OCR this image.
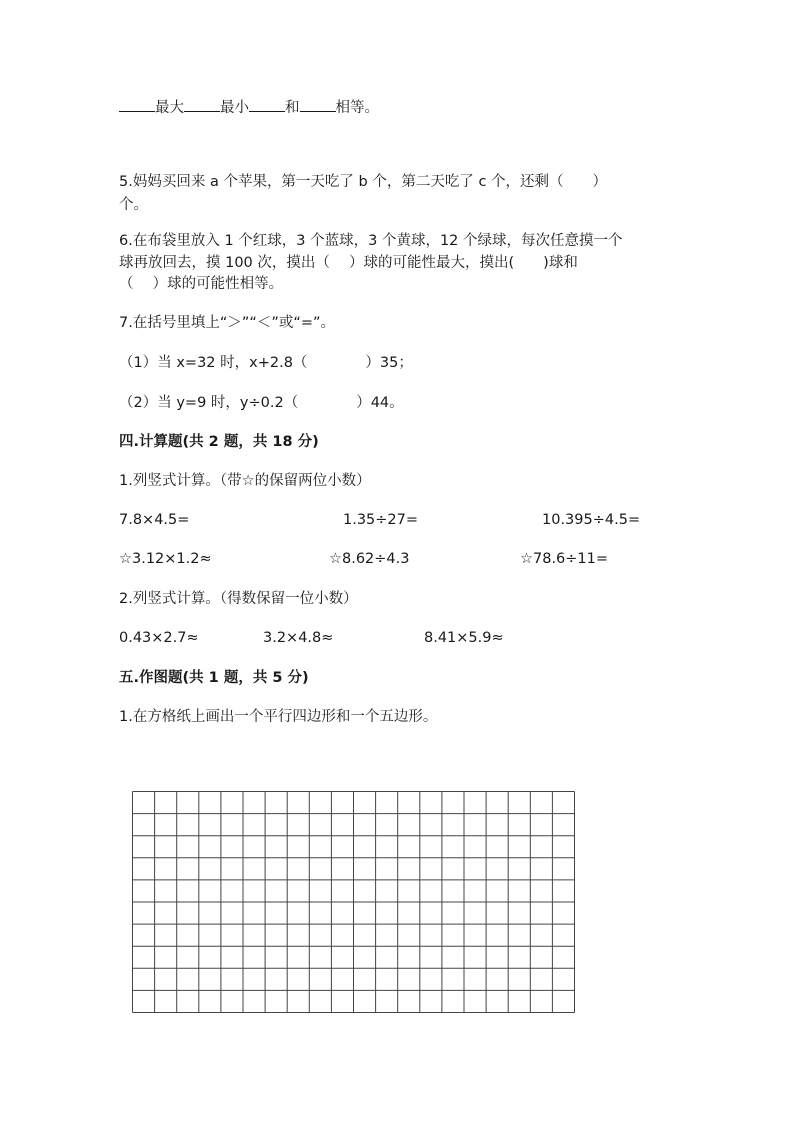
最大 最小 和 相等。
5.妈妈买回来 a 个苹果，第一天吃了 b 个，第二天吃了 c 个，还剩（　　）
个。
6.在布袋里放入 1 个红球，3 个蓝球，3 个黄球，12 个绿球，每次任意摸一个
球再放回去，摸 100 次，摸出（　 ）球的可能性最大，摸出(　　)球和
（　 ）球的可能性相等。
7.在括号里填上“＞”“＜”或“=”。
（1）当 x=32 时，x+2.8（　　　　）35；
（2）当 y=9 时，y÷0.2（　　　　）44。
四.计算题(共 2 题，共 18 分)
1.列竖式计算。（带☆的保留两位小数）
7.8×4.5=	1.35÷27=	10.395÷4.5=
☆3.12×1.2≈	☆8.62÷4.3	☆78.6÷11=
2.列竖式计算。（得数保留一位小数）
0.43×2.7≈	3.2×4.8≈	8.41×5.9≈
五.作图题(共 1 题，共 5 分)
1.在方格纸上画出一个平行四边形和一个五边形。
